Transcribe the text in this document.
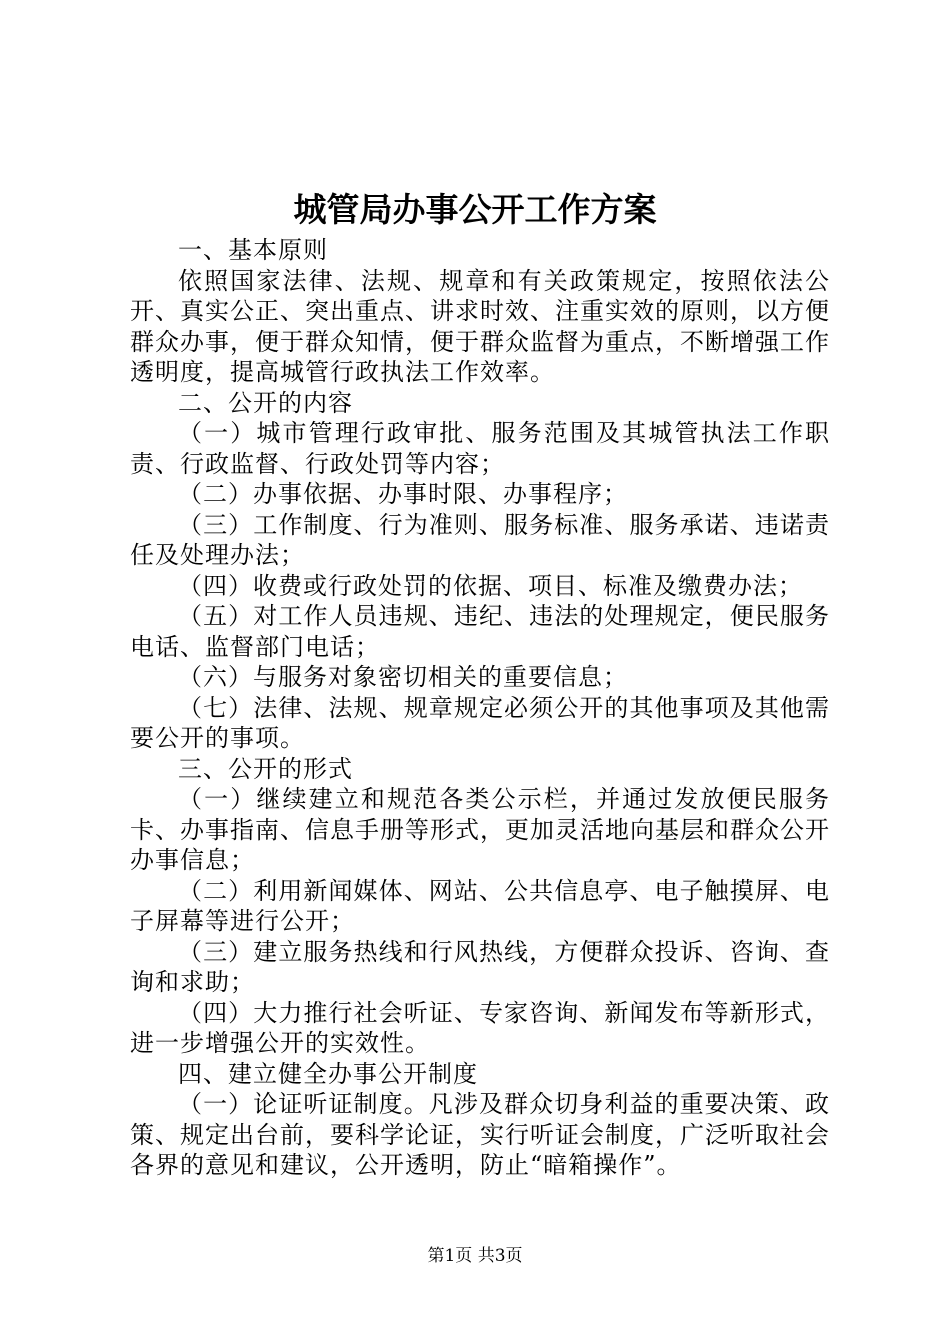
城管局办事公开工作方案

一、基本原则

依照国家法律、法规、规章和有关政策规定，按照依法公开、真实公正、突出重点、讲求时效、注重实效的原则，以方便群众办事，便于群众知情，便于群众监督为重点，不断增强工作透明度，提高城管行政执法工作效率。

二、公开的内容

（一）城市管理行政审批、服务范围及其城管执法工作职责、行政监督、行政处罚等内容；

（二）办事依据、办事时限、办事程序；

（三）工作制度、行为准则、服务标准、服务承诺、违诺责任及处理办法；

（四）收费或行政处罚的依据、项目、标准及缴费办法；

（五）对工作人员违规、违纪、违法的处理规定，便民服务电话、监督部门电话；

（六）与服务对象密切相关的重要信息；

（七）法律、法规、规章规定必须公开的其他事项及其他需要公开的事项。

三、公开的形式

（一）继续建立和规范各类公示栏，并通过发放便民服务卡、办事指南、信息手册等形式，更加灵活地向基层和群众公开办事信息；

（二）利用新闻媒体、网站、公共信息亭、电子触摸屏、电子屏幕等进行公开；

（三）建立服务热线和行风热线，方便群众投诉、咨询、查询和求助；

（四）大力推行社会听证、专家咨询、新闻发布等新形式，进一步增强公开的实效性。

四、建立健全办事公开制度

（一）论证听证制度。凡涉及群众切身利益的重要决策、政策、规定出台前，要科学论证，实行听证会制度，广泛听取社会各界的意见和建议，公开透明，防止“暗箱操作”。

第1页 共3页
